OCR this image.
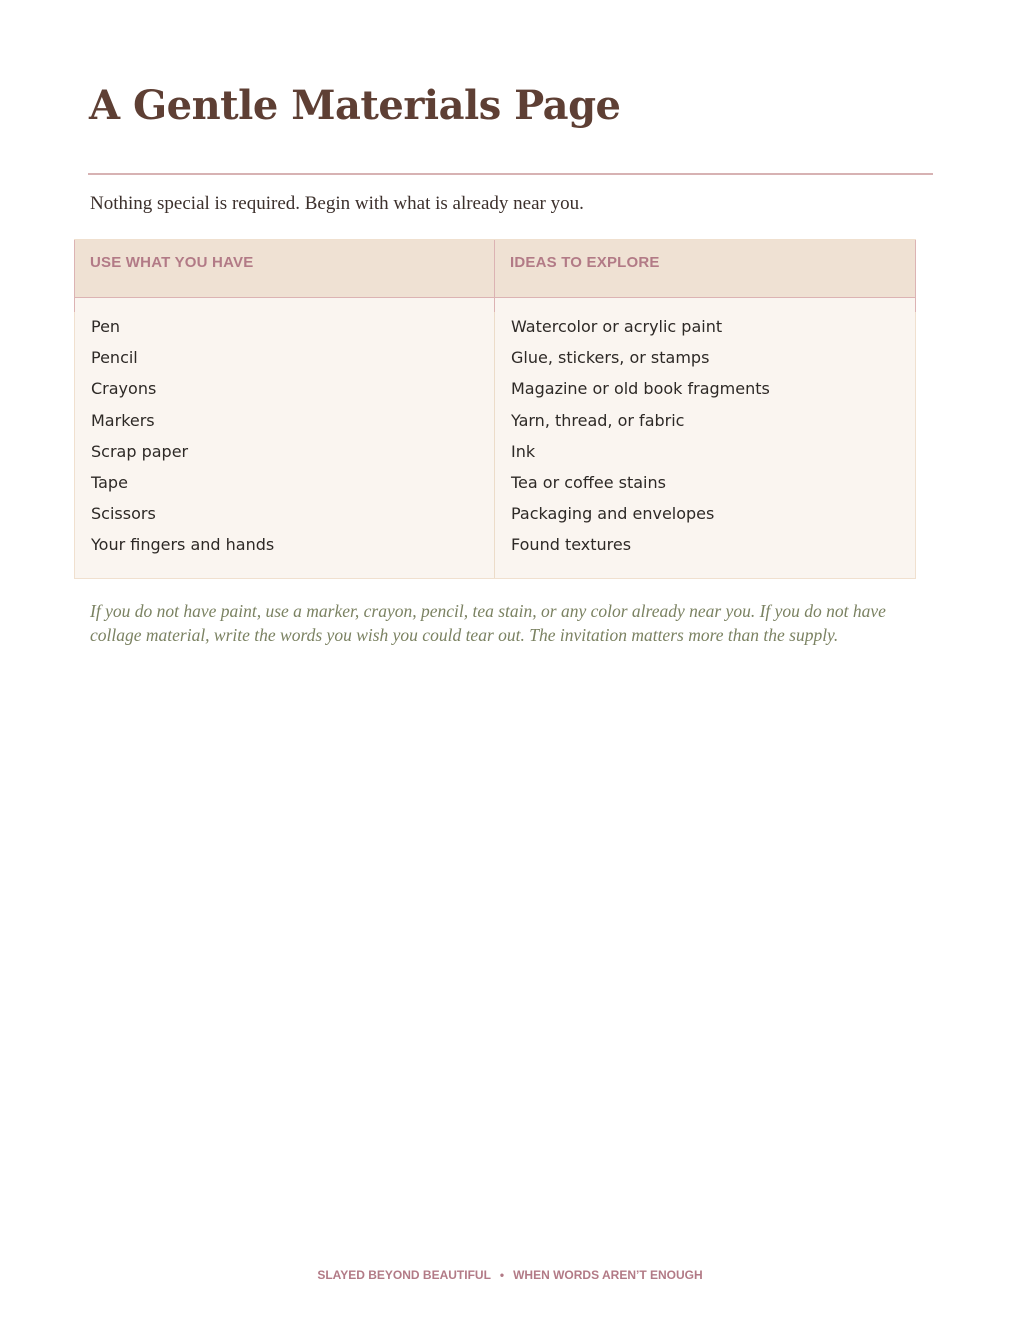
A Gentle Materials Page

Nothing special is required. Begin with what is already near you.

USE WHAT YOU HAVE	IDEAS TO EXPLORE
Pen
Pencil
Crayons
Markers
Scrap paper
Tape
Scissors
Your fingers and hands
Watercolor or acrylic paint
Glue, stickers, or stamps
Magazine or old book fragments
Yarn, thread, or fabric
Ink
Tea or coffee stains
Packaging and envelopes
Found textures

If you do not have paint, use a marker, crayon, pencil, tea stain, or any color already near you. If you do not have collage material, write the words you wish you could tear out. The invitation matters more than the supply.

SLAYED BEYOND BEAUTIFUL • WHEN WORDS AREN’T ENOUGH
